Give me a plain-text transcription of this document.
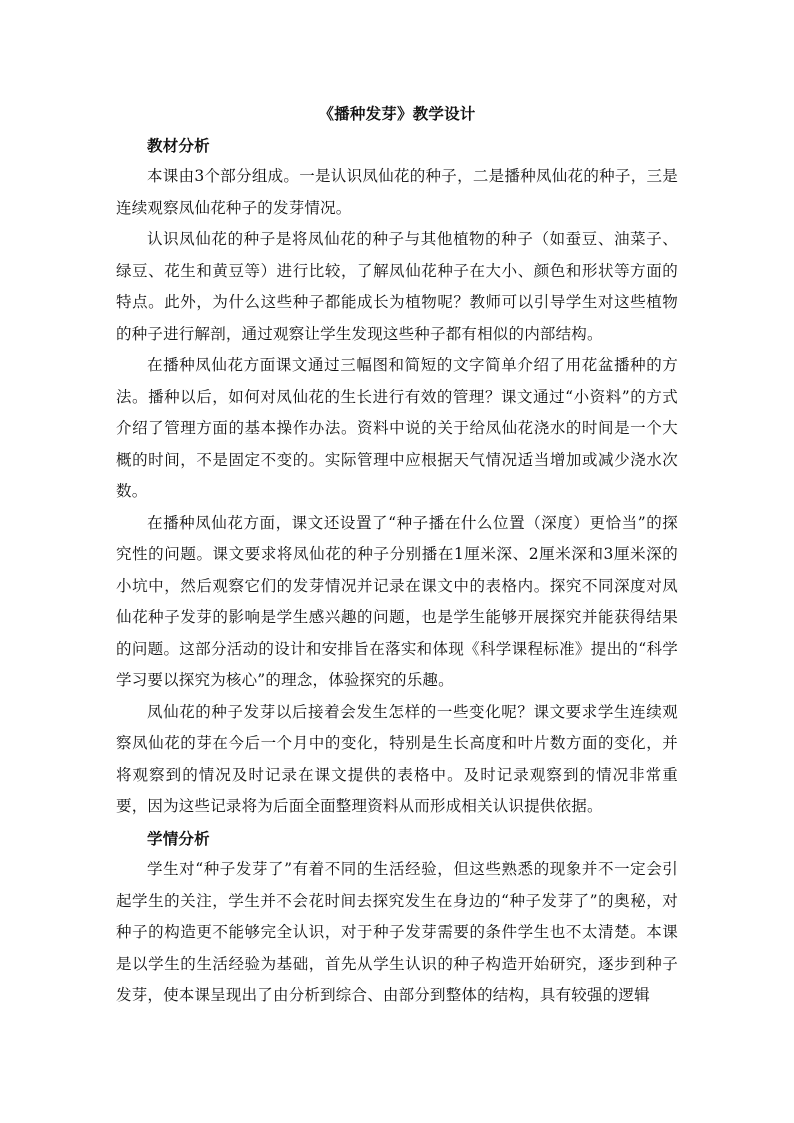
《播种发芽》教学设计

教材分析

本课由3个部分组成。一是认识凤仙花的种子，二是播种凤仙花的种子，三是连续观察凤仙花种子的发芽情况。

认识凤仙花的种子是将凤仙花的种子与其他植物的种子（如蚕豆、油菜子、绿豆、花生和黄豆等）进行比较，了解凤仙花种子在大小、颜色和形状等方面的特点。此外，为什么这些种子都能成长为植物呢？教师可以引导学生对这些植物的种子进行解剖，通过观察让学生发现这些种子都有相似的内部结构。

在播种凤仙花方面课文通过三幅图和简短的文字简单介绍了用花盆播种的方法。播种以后，如何对凤仙花的生长进行有效的管理？课文通过“小资料”的方式介绍了管理方面的基本操作办法。资料中说的关于给凤仙花浇水的时间是一个大概的时间，不是固定不变的。实际管理中应根据天气情况适当增加或减少浇水次数。

在播种凤仙花方面，课文还设置了“种子播在什么位置（深度）更恰当”的探究性的问题。课文要求将凤仙花的种子分别播在1厘米深、2厘米深和3厘米深的小坑中，然后观察它们的发芽情况并记录在课文中的表格内。探究不同深度对凤仙花种子发芽的影响是学生感兴趣的问题，也是学生能够开展探究并能获得结果的问题。这部分活动的设计和安排旨在落实和体现《科学课程标准》提出的“科学学习要以探究为核心”的理念，体验探究的乐趣。

凤仙花的种子发芽以后接着会发生怎样的一些变化呢？课文要求学生连续观察凤仙花的芽在今后一个月中的变化，特别是生长高度和叶片数方面的变化，并将观察到的情况及时记录在课文提供的表格中。及时记录观察到的情况非常重要，因为这些记录将为后面全面整理资料从而形成相关认识提供依据。

学情分析

学生对“种子发芽了”有着不同的生活经验，但这些熟悉的现象并不一定会引起学生的关注，学生并不会花时间去探究发生在身边的“种子发芽了”的奥秘，对种子的构造更不能够完全认识，对于种子发芽需要的条件学生也不太清楚。本课是以学生的生活经验为基础，首先从学生认识的种子构造开始研究，逐步到种子发芽，使本课呈现出了由分析到综合、由部分到整体的结构，具有较强的逻辑
